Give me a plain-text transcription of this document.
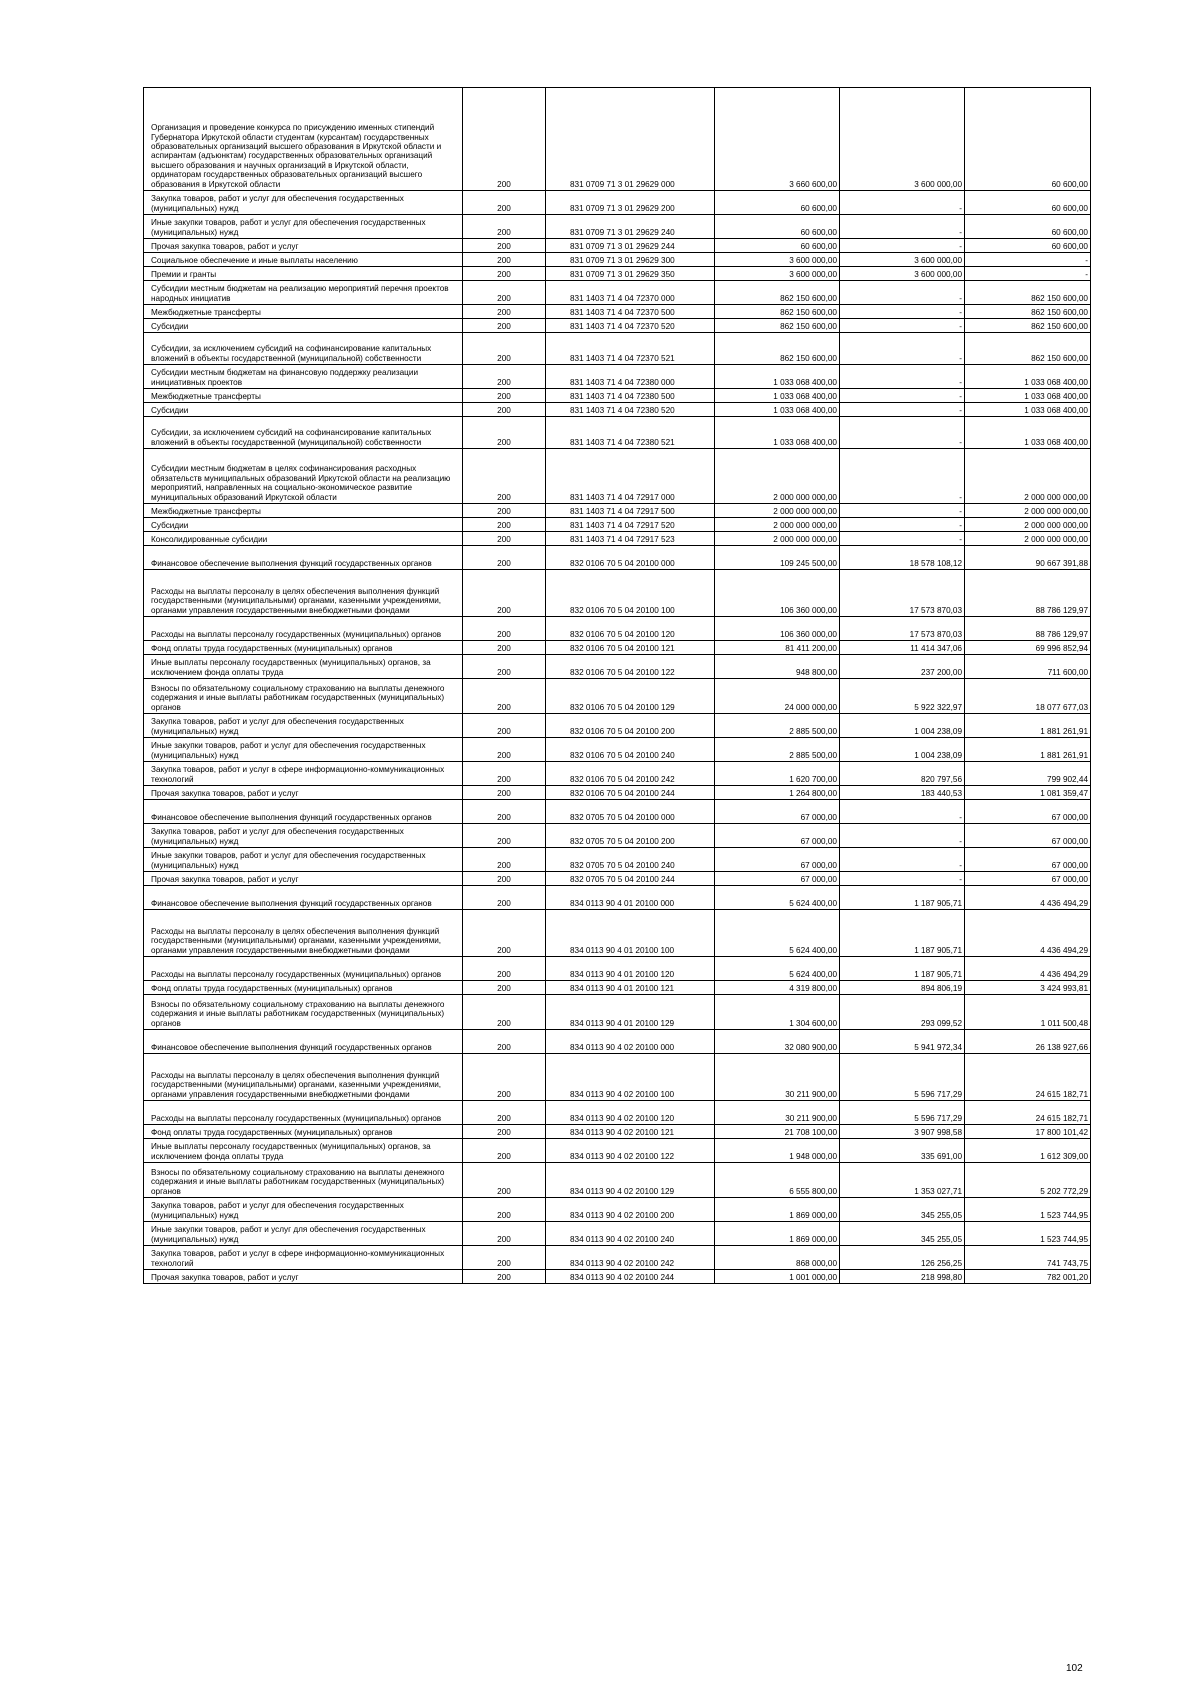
Организация и проведение конкурса по присуждению именных стипендий Губернатора Иркутской области студентам (курсантам) государственных образовательных организаций высшего образования в Иркутской области и аспирантам (адъюнктам) государственных образовательных организаций высшего образования и научных организаций в Иркутской области, ординаторам государственных образовательных организаций высшего образования в Иркутской области	200	831 0709 71 3 01 29629 000	3 660 600,00	3 600 000,00	60 600,00
Закупка товаров, работ и услуг для обеспечения государственных (муниципальных) нужд	200	831 0709 71 3 01 29629 200	60 600,00	-	60 600,00
Иные закупки товаров, работ и услуг для обеспечения государственных (муниципальных) нужд	200	831 0709 71 3 01 29629 240	60 600,00	-	60 600,00
Прочая закупка товаров, работ и услуг	200	831 0709 71 3 01 29629 244	60 600,00	-	60 600,00
Социальное обеспечение и иные выплаты населению	200	831 0709 71 3 01 29629 300	3 600 000,00	3 600 000,00	-
Премии и гранты	200	831 0709 71 3 01 29629 350	3 600 000,00	3 600 000,00	-
Субсидии местным бюджетам на реализацию мероприятий перечня проектов народных инициатив	200	831 1403 71 4 04 72370 000	862 150 600,00	-	862 150 600,00
Межбюджетные трансферты	200	831 1403 71 4 04 72370 500	862 150 600,00	-	862 150 600,00
Субсидии	200	831 1403 71 4 04 72370 520	862 150 600,00	-	862 150 600,00
Субсидии, за исключением субсидий на софинансирование капитальных вложений в объекты государственной (муниципальной) собственности	200	831 1403 71 4 04 72370 521	862 150 600,00	-	862 150 600,00
Субсидии местным бюджетам на финансовую поддержку реализации инициативных проектов	200	831 1403 71 4 04 72380 000	1 033 068 400,00	-	1 033 068 400,00
Межбюджетные трансферты	200	831 1403 71 4 04 72380 500	1 033 068 400,00	-	1 033 068 400,00
Субсидии	200	831 1403 71 4 04 72380 520	1 033 068 400,00	-	1 033 068 400,00
Субсидии, за исключением субсидий на софинансирование капитальных вложений в объекты государственной (муниципальной) собственности	200	831 1403 71 4 04 72380 521	1 033 068 400,00	-	1 033 068 400,00
Субсидии местным бюджетам в целях софинансирования расходных обязательств муниципальных образований Иркутской области на реализацию мероприятий, направленных на социально-экономическое развитие муниципальных образований Иркутской области	200	831 1403 71 4 04 72917 000	2 000 000 000,00	-	2 000 000 000,00
Межбюджетные трансферты	200	831 1403 71 4 04 72917 500	2 000 000 000,00	-	2 000 000 000,00
Субсидии	200	831 1403 71 4 04 72917 520	2 000 000 000,00	-	2 000 000 000,00
Консолидированные субсидии	200	831 1403 71 4 04 72917 523	2 000 000 000,00	-	2 000 000 000,00
Финансовое обеспечение выполнения функций государственных органов	200	832 0106 70 5 04 20100 000	109 245 500,00	18 578 108,12	90 667 391,88
Расходы на выплаты персоналу в целях обеспечения выполнения функций государственными (муниципальными) органами, казенными учреждениями, органами управления государственными внебюджетными фондами	200	832 0106 70 5 04 20100 100	106 360 000,00	17 573 870,03	88 786 129,97
Расходы на выплаты персоналу государственных (муниципальных) органов	200	832 0106 70 5 04 20100 120	106 360 000,00	17 573 870,03	88 786 129,97
Фонд оплаты труда государственных (муниципальных) органов	200	832 0106 70 5 04 20100 121	81 411 200,00	11 414 347,06	69 996 852,94
Иные выплаты персоналу государственных (муниципальных) органов, за исключением фонда оплаты труда	200	832 0106 70 5 04 20100 122	948 800,00	237 200,00	711 600,00
Взносы по обязательному социальному страхованию на выплаты денежного содержания и иные выплаты работникам государственных (муниципальных) органов	200	832 0106 70 5 04 20100 129	24 000 000,00	5 922 322,97	18 077 677,03
Закупка товаров, работ и услуг для обеспечения государственных (муниципальных) нужд	200	832 0106 70 5 04 20100 200	2 885 500,00	1 004 238,09	1 881 261,91
Иные закупки товаров, работ и услуг для обеспечения государственных (муниципальных) нужд	200	832 0106 70 5 04 20100 240	2 885 500,00	1 004 238,09	1 881 261,91
Закупка товаров, работ и услуг в сфере информационно-коммуникационных технологий	200	832 0106 70 5 04 20100 242	1 620 700,00	820 797,56	799 902,44
Прочая закупка товаров, работ и услуг	200	832 0106 70 5 04 20100 244	1 264 800,00	183 440,53	1 081 359,47
Финансовое обеспечение выполнения функций государственных органов	200	832 0705 70 5 04 20100 000	67 000,00	-	67 000,00
Закупка товаров, работ и услуг для обеспечения государственных (муниципальных) нужд	200	832 0705 70 5 04 20100 200	67 000,00	-	67 000,00
Иные закупки товаров, работ и услуг для обеспечения государственных (муниципальных) нужд	200	832 0705 70 5 04 20100 240	67 000,00	-	67 000,00
Прочая закупка товаров, работ и услуг	200	832 0705 70 5 04 20100 244	67 000,00	-	67 000,00
Финансовое обеспечение выполнения функций государственных органов	200	834 0113 90 4 01 20100 000	5 624 400,00	1 187 905,71	4 436 494,29
Расходы на выплаты персоналу в целях обеспечения выполнения функций государственными (муниципальными) органами, казенными учреждениями, органами управления государственными внебюджетными фондами	200	834 0113 90 4 01 20100 100	5 624 400,00	1 187 905,71	4 436 494,29
Расходы на выплаты персоналу государственных (муниципальных) органов	200	834 0113 90 4 01 20100 120	5 624 400,00	1 187 905,71	4 436 494,29
Фонд оплаты труда государственных (муниципальных) органов	200	834 0113 90 4 01 20100 121	4 319 800,00	894 806,19	3 424 993,81
Взносы по обязательному социальному страхованию на выплаты денежного содержания и иные выплаты работникам государственных (муниципальных) органов	200	834 0113 90 4 01 20100 129	1 304 600,00	293 099,52	1 011 500,48
Финансовое обеспечение выполнения функций государственных органов	200	834 0113 90 4 02 20100 000	32 080 900,00	5 941 972,34	26 138 927,66
Расходы на выплаты персоналу в целях обеспечения выполнения функций государственными (муниципальными) органами, казенными учреждениями, органами управления государственными внебюджетными фондами	200	834 0113 90 4 02 20100 100	30 211 900,00	5 596 717,29	24 615 182,71
Расходы на выплаты персоналу государственных (муниципальных) органов	200	834 0113 90 4 02 20100 120	30 211 900,00	5 596 717,29	24 615 182,71
Фонд оплаты труда государственных (муниципальных) органов	200	834 0113 90 4 02 20100 121	21 708 100,00	3 907 998,58	17 800 101,42
Иные выплаты персоналу государственных (муниципальных) органов, за исключением фонда оплаты труда	200	834 0113 90 4 02 20100 122	1 948 000,00	335 691,00	1 612 309,00
Взносы по обязательному социальному страхованию на выплаты денежного содержания и иные выплаты работникам государственных (муниципальных) органов	200	834 0113 90 4 02 20100 129	6 555 800,00	1 353 027,71	5 202 772,29
Закупка товаров, работ и услуг для обеспечения государственных (муниципальных) нужд	200	834 0113 90 4 02 20100 200	1 869 000,00	345 255,05	1 523 744,95
Иные закупки товаров, работ и услуг для обеспечения государственных (муниципальных) нужд	200	834 0113 90 4 02 20100 240	1 869 000,00	345 255,05	1 523 744,95
Закупка товаров, работ и услуг в сфере информационно-коммуникационных технологий	200	834 0113 90 4 02 20100 242	868 000,00	126 256,25	741 743,75
Прочая закупка товаров, работ и услуг	200	834 0113 90 4 02 20100 244	1 001 000,00	218 998,80	782 001,20
102
